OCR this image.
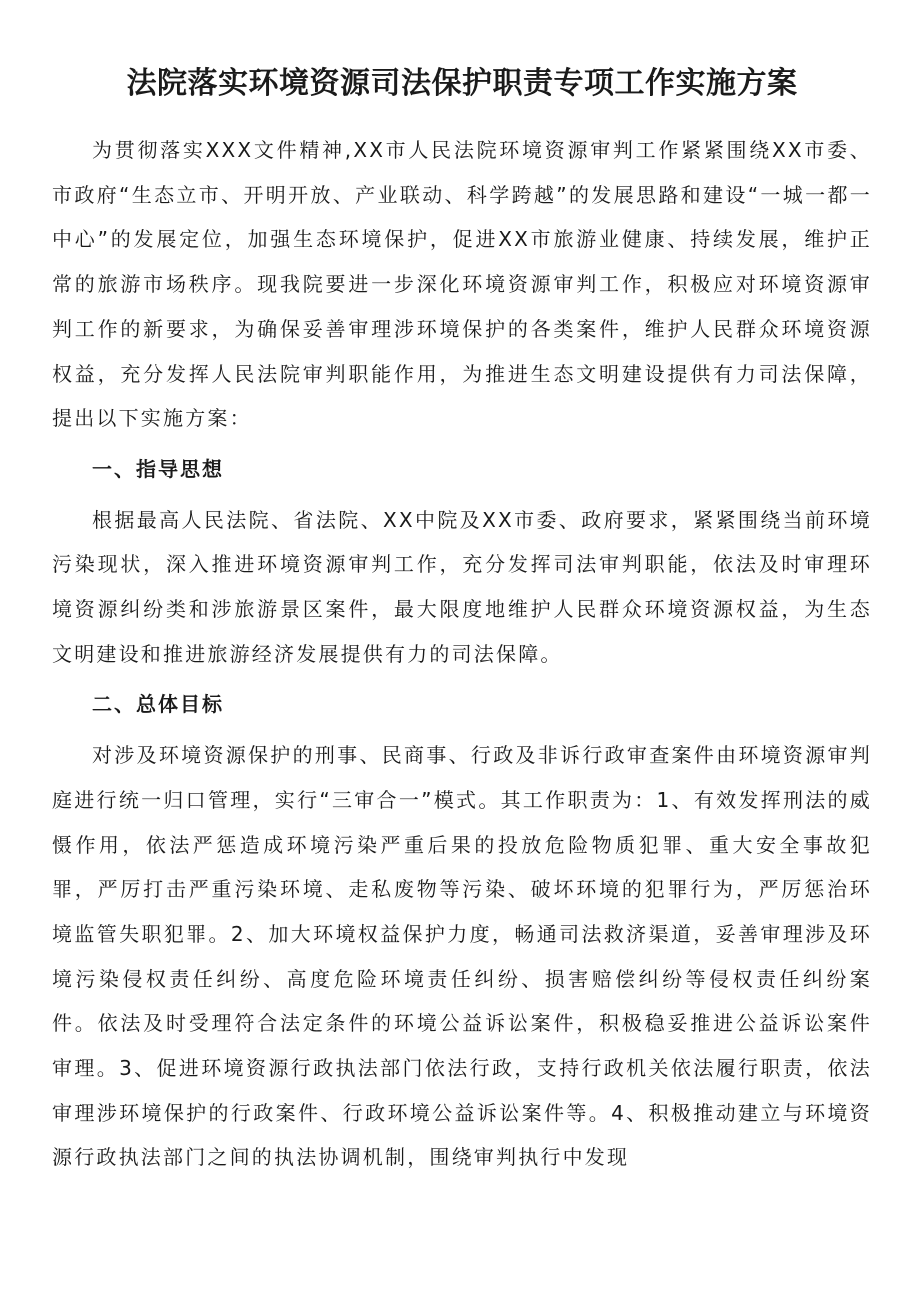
法院落实环境资源司法保护职责专项工作实施方案

为贯彻落实XXX文件精神,XX市人民法院环境资源审判工作紧紧围绕XX市委、市政府“生态立市、开明开放、产业联动、科学跨越”的发展思路和建设“一城一都一中心”的发展定位，加强生态环境保护，促进XX市旅游业健康、持续发展，维护正常的旅游市场秩序。现我院要进一步深化环境资源审判工作，积极应对环境资源审判工作的新要求，为确保妥善审理涉环境保护的各类案件，维护人民群众环境资源权益，充分发挥人民法院审判职能作用，为推进生态文明建设提供有力司法保障，提出以下实施方案：

一、指导思想

根据最高人民法院、省法院、XX中院及XX市委、政府要求，紧紧围绕当前环境污染现状，深入推进环境资源审判工作，充分发挥司法审判职能，依法及时审理环境资源纠纷类和涉旅游景区案件，最大限度地维护人民群众环境资源权益，为生态文明建设和推进旅游经济发展提供有力的司法保障。

二、总体目标

对涉及环境资源保护的刑事、民商事、行政及非诉行政审查案件由环境资源审判庭进行统一归口管理，实行“三审合一”模式。其工作职责为：1、有效发挥刑法的威慑作用，依法严惩造成环境污染严重后果的投放危险物质犯罪、重大安全事故犯罪，严厉打击严重污染环境、走私废物等污染、破坏环境的犯罪行为，严厉惩治环境监管失职犯罪。2、加大环境权益保护力度，畅通司法救济渠道，妥善审理涉及环境污染侵权责任纠纷、高度危险环境责任纠纷、损害赔偿纠纷等侵权责任纠纷案件。依法及时受理符合法定条件的环境公益诉讼案件，积极稳妥推进公益诉讼案件审理。3、促进环境资源行政执法部门依法行政，支持行政机关依法履行职责，依法审理涉环境保护的行政案件、行政环境公益诉讼案件等。4、积极推动建立与环境资源行政执法部门之间的执法协调机制，围绕审判执行中发现
